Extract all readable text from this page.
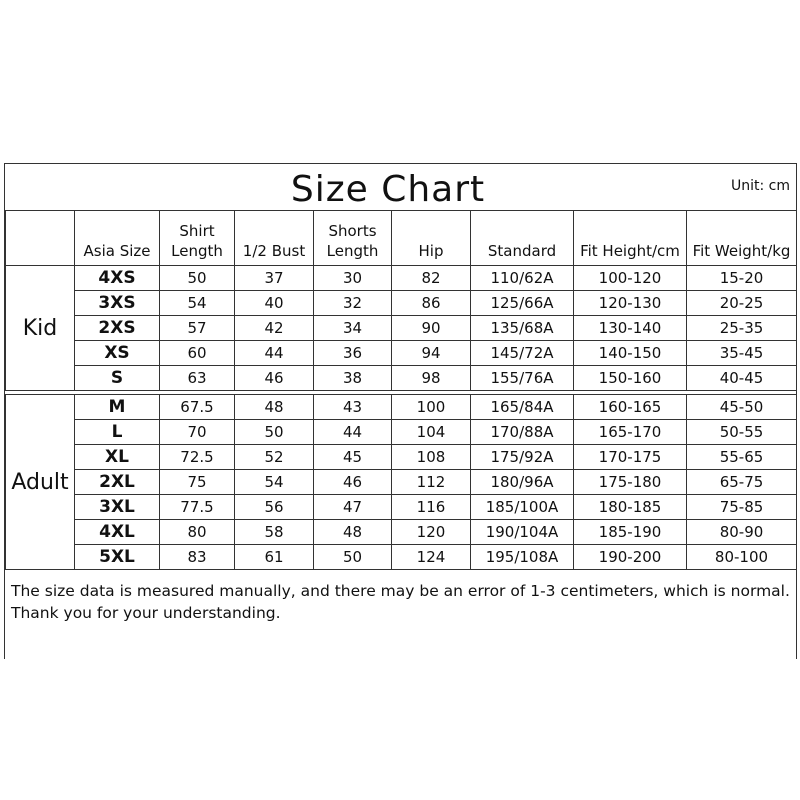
Size Chart	Unit: cm
	Asia Size	Shirt Length	1/2 Bust	Shorts Length	Hip	Standard	Fit Height/cm	Fit Weight/kg
Kid	4XS	50	37	30	82	110/62A	100-120	15-20
	3XS	54	40	32	86	125/66A	120-130	20-25
	2XS	57	42	34	90	135/68A	130-140	25-35
	XS	60	44	36	94	145/72A	140-150	35-45
	S	63	46	38	98	155/76A	150-160	40-45

Adult	M	67.5	48	43	100	165/84A	160-165	45-50
	L	70	50	44	104	170/88A	165-170	50-55
	XL	72.5	52	45	108	175/92A	170-175	55-65
	2XL	75	54	46	112	180/96A	175-180	65-75
	3XL	77.5	56	47	116	185/100A	180-185	75-85
	4XL	80	58	48	120	190/104A	185-190	80-90
	5XL	83	61	50	124	195/108A	190-200	80-100
The size data is measured manually, and there may be an error of 1-3 centimeters, which is normal. Thank you for your understanding.
